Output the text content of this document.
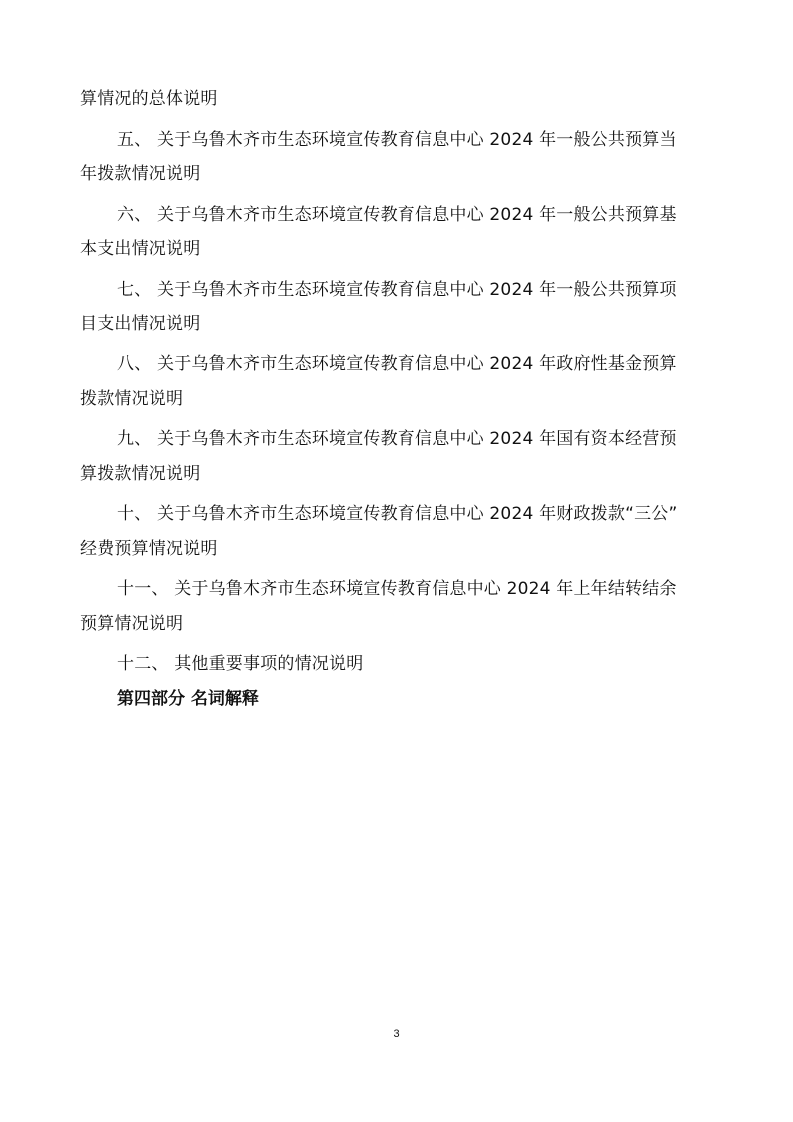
算情况的总体说明
五、 关于乌鲁木齐市生态环境宣传教育信息中心 2024 年一般公共预算当
年拨款情况说明
六、 关于乌鲁木齐市生态环境宣传教育信息中心 2024 年一般公共预算基
本支出情况说明
七、 关于乌鲁木齐市生态环境宣传教育信息中心 2024 年一般公共预算项
目支出情况说明
八、 关于乌鲁木齐市生态环境宣传教育信息中心 2024 年政府性基金预算
拨款情况说明
九、 关于乌鲁木齐市生态环境宣传教育信息中心 2024 年国有资本经营预
算拨款情况说明
十、 关于乌鲁木齐市生态环境宣传教育信息中心 2024 年财政拨款“三公”
经费预算情况说明
十一、 关于乌鲁木齐市生态环境宣传教育信息中心 2024 年上年结转结余
预算情况说明
十二、 其他重要事项的情况说明
第四部分 名词解释
3
